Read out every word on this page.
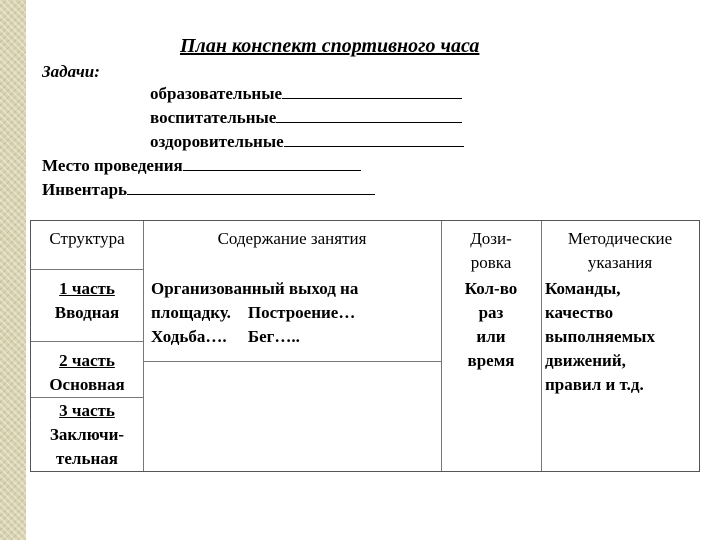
План конспект спортивного часа
Задачи:
образовательные
воспитательные
оздоровительные
Место проведения
Инвентарь
Структура	Содержание занятия	Дози-
ровка
Методические
указания
1 часть
Вводная
2 часть
Основная
3 часть
Заключи-
тельная
Организованный выход на
площадку.    Построение…
Ходьба….     Бег…..
Кол-во
раз
или
время
Команды,
качество
выполняемых
движений,
правил и т.д.
